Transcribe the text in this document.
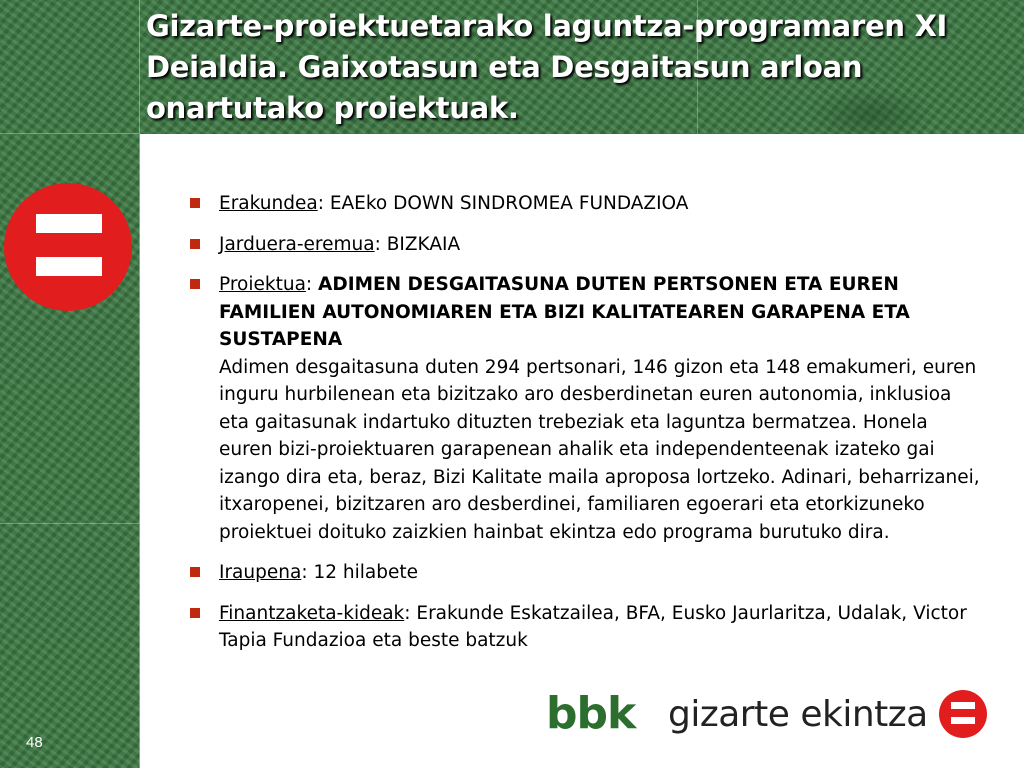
Gizarte-proiektuetarako laguntza-programaren XI Deialdia. Gaixotasun eta Desgaitasun arloan onartutako proiektuak.
48
Erakundea: EAEko DOWN SINDROMEA FUNDAZIOA
Jarduera-eremua: BIZKAIA
Proiektua: ADIMEN DESGAITASUNA DUTEN PERTSONEN ETA EUREN FAMILIEN AUTONOMIAREN ETA BIZI KALITATEAREN GARAPENA ETA SUSTAPENA
Adimen desgaitasuna duten 294 pertsonari, 146 gizon eta 148 emakumeri, euren inguru hurbilenean eta bizitzako aro desberdinetan euren autonomia, inklusioa eta gaitasunak indartuko dituzten trebeziak eta laguntza bermatzea. Honela euren bizi-proiektuaren garapenean ahalik eta independenteenak izateko gai izango dira eta, beraz, Bizi Kalitate maila aproposa lortzeko. Adinari, beharrizanei, itxaropenei, bizitzaren aro desberdinei, familiaren egoerari eta etorkizuneko proiektuei doituko zaizkien hainbat ekintza edo programa burutuko dira.
Iraupena: 12 hilabete
Finantzaketa-kideak: Erakunde Eskatzailea, BFA, Eusko Jaurlaritza, Udalak, Victor Tapia Fundazioa eta beste batzuk
bbk gizarte ekintza
